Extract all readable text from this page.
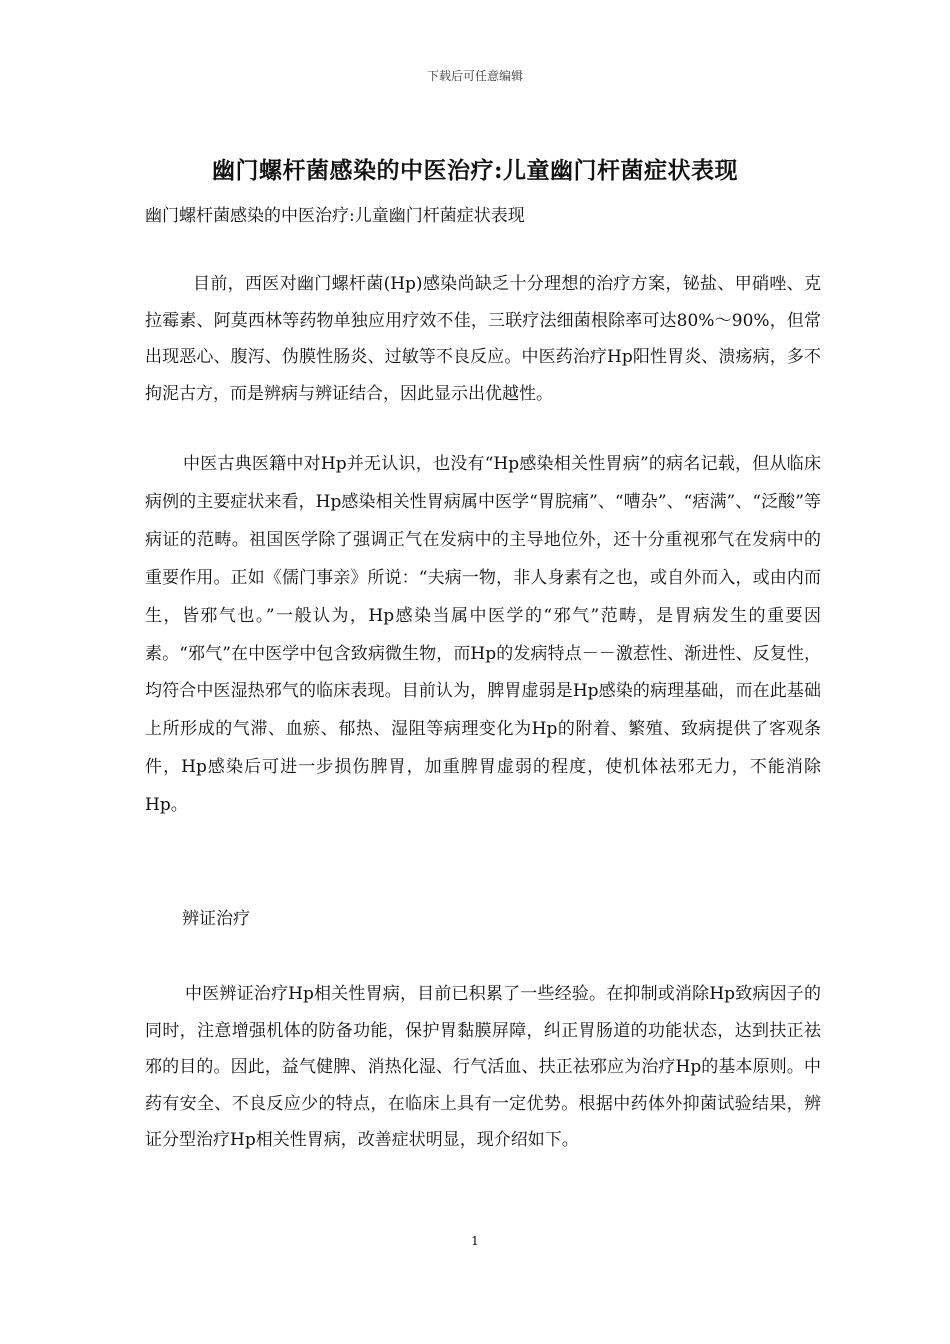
下载后可任意编辑
幽门螺杆菌感染的中医治疗:儿童幽门杆菌症状表现
幽门螺杆菌感染的中医治疗:儿童幽门杆菌症状表现

目前，西医对幽门螺杆菌(Hp)感染尚缺乏十分理想的治疗方案，铋盐、甲硝唑、克拉霉素、阿莫西林等药物单独应用疗效不佳，三联疗法细菌根除率可达80%～90%，但常出现恶心、腹泻、伪膜性肠炎、过敏等不良反应。中医药治疗Hp阳性胃炎、溃疡病，多不拘泥古方，而是辨病与辨证结合，因此显示出优越性。

中医古典医籍中对Hp并无认识，也没有“Hp感染相关性胃病”的病名记载，但从临床病例的主要症状来看，Hp感染相关性胃病属中医学“胃脘痛”、“嘈杂”、“痞满”、“泛酸”等病证的范畴。祖国医学除了强调正气在发病中的主导地位外，还十分重视邪气在发病中的重要作用。正如《儒门事亲》所说：“夫病一物，非人身素有之也，或自外而入，或由内而生，皆邪气也。”一般认为，Hp感染当属中医学的“邪气”范畴，是胃病发生的重要因素。“邪气”在中医学中包含致病微生物，而Hp的发病特点－－激惹性、渐进性、反复性，均符合中医湿热邪气的临床表现。目前认为，脾胃虚弱是Hp感染的病理基础，而在此基础上所形成的气滞、血瘀、郁热、湿阻等病理变化为Hp的附着、繁殖、致病提供了客观条件，Hp感染后可进一步损伤脾胃，加重脾胃虚弱的程度，使机体祛邪无力，不能消除Hp。

辨证治疗

中医辨证治疗Hp相关性胃病，目前已积累了一些经验。在抑制或消除Hp致病因子的同时，注意增强机体的防备功能，保护胃黏膜屏障，纠正胃肠道的功能状态，达到扶正祛邪的目的。因此，益气健脾、消热化湿、行气活血、扶正祛邪应为治疗Hp的基本原则。中药有安全、不良反应少的特点，在临床上具有一定优势。根据中药体外抑菌试验结果，辨证分型治疗Hp相关性胃病，改善症状明显，现介绍如下。

1
